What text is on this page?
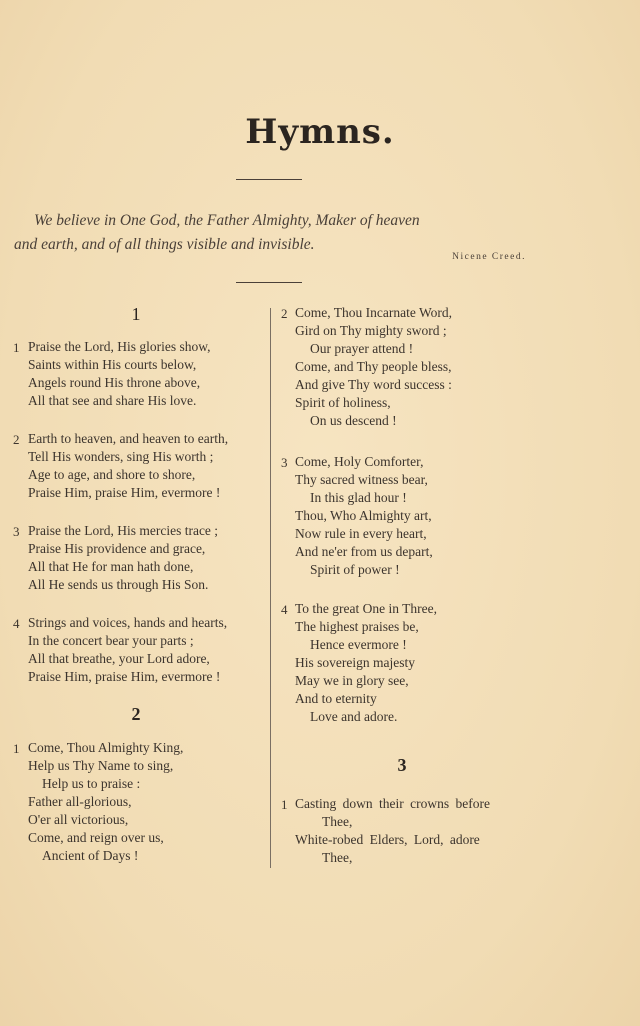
Hymns.
We believe in One God, the Father Almighty, Maker of heaven
and earth, and of all things visible and invisible.
Nicene Creed.
1
1 Praise the Lord, His glories show,
Saints within His courts below,
Angels round His throne above,
All that see and share His love.
2 Earth to heaven, and heaven to earth,
Tell His wonders, sing His worth ;
Age to age, and shore to shore,
Praise Him, praise Him, evermore !
3 Praise the Lord, His mercies trace ;
Praise His providence and grace,
All that He for man hath done,
All He sends us through His Son.
4 Strings and voices, hands and hearts,
In the concert bear your parts ;
All that breathe, your Lord adore,
Praise Him, praise Him, evermore !
2
1 Come, Thou Almighty King,
Help us Thy Name to sing,
Help us to praise :
Father all-glorious,
O'er all victorious,
Come, and reign over us,
Ancient of Days !
2 Come, Thou Incarnate Word,
Gird on Thy mighty sword ;
Our prayer attend !
Come, and Thy people bless,
And give Thy word success :
Spirit of holiness,
On us descend !
3 Come, Holy Comforter,
Thy sacred witness bear,
In this glad hour !
Thou, Who Almighty art,
Now rule in every heart,
And ne'er from us depart,
Spirit of power !
4 To the great One in Three,
The highest praises be,
Hence evermore !
His sovereign majesty
May we in glory see,
And to eternity
Love and adore.
3
1 Casting down their crowns before
Thee,
White-robed Elders, Lord, adore
Thee,
